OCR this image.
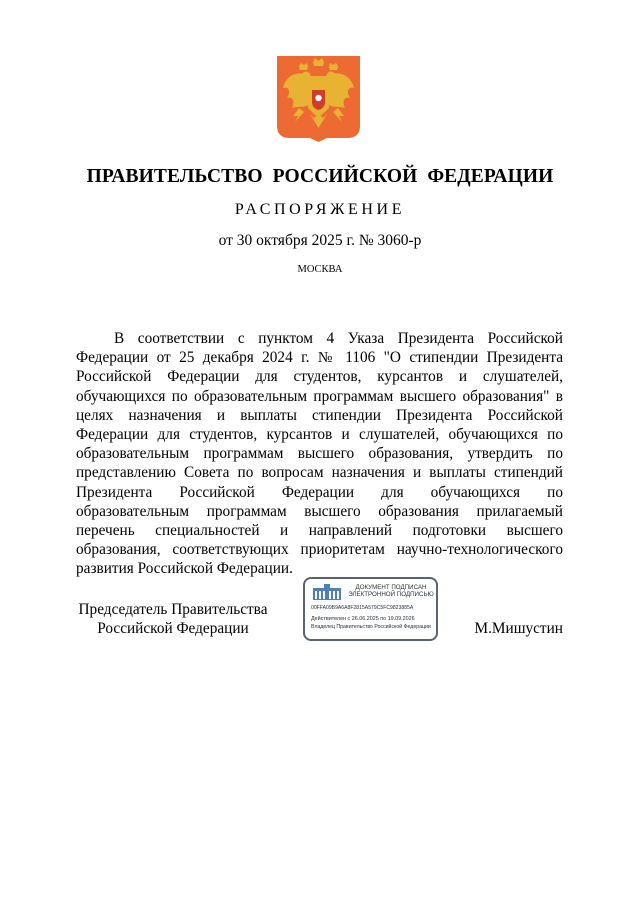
ПРАВИТЕЛЬСТВО  РОССИЙСКОЙ  ФЕДЕРАЦИИ
РАСПОРЯЖЕНИЕ
от 30 октября 2025 г. № 3060-р
МОСКВА
В соответствии с пунктом 4 Указа Президента Российской Федерации от 25 декабря 2024 г. № 1106 "О стипендии Президента Российской Федерации для студентов, курсантов и слушателей, обучающихся по образовательным программам высшего образования" в целях назначения и выплаты стипендии Президента Российской Федерации для студентов, курсантов и слушателей, обучающихся по образовательным программам высшего образования, утвердить по представлению Совета по вопросам назначения и выплаты стипендий Президента Российской Федерации для обучающихся по образовательным программам высшего образования прилагаемый перечень специальностей и направлений подготовки высшего образования, соответствующих приоритетам научно-технологического развития Российской Федерации.
Председатель Правительства
Российской Федерации
ДОКУМЕНТ ПОДПИСАН
ЭЛЕКТРОННОЙ ПОДПИСЬЮ
00FFA09B9A6A8F2815A579C5FC9823885A
Действителен с 26.06.2025 по 19.09.2026
Владелец Правительство Российской Федерации	М.Мишустин
